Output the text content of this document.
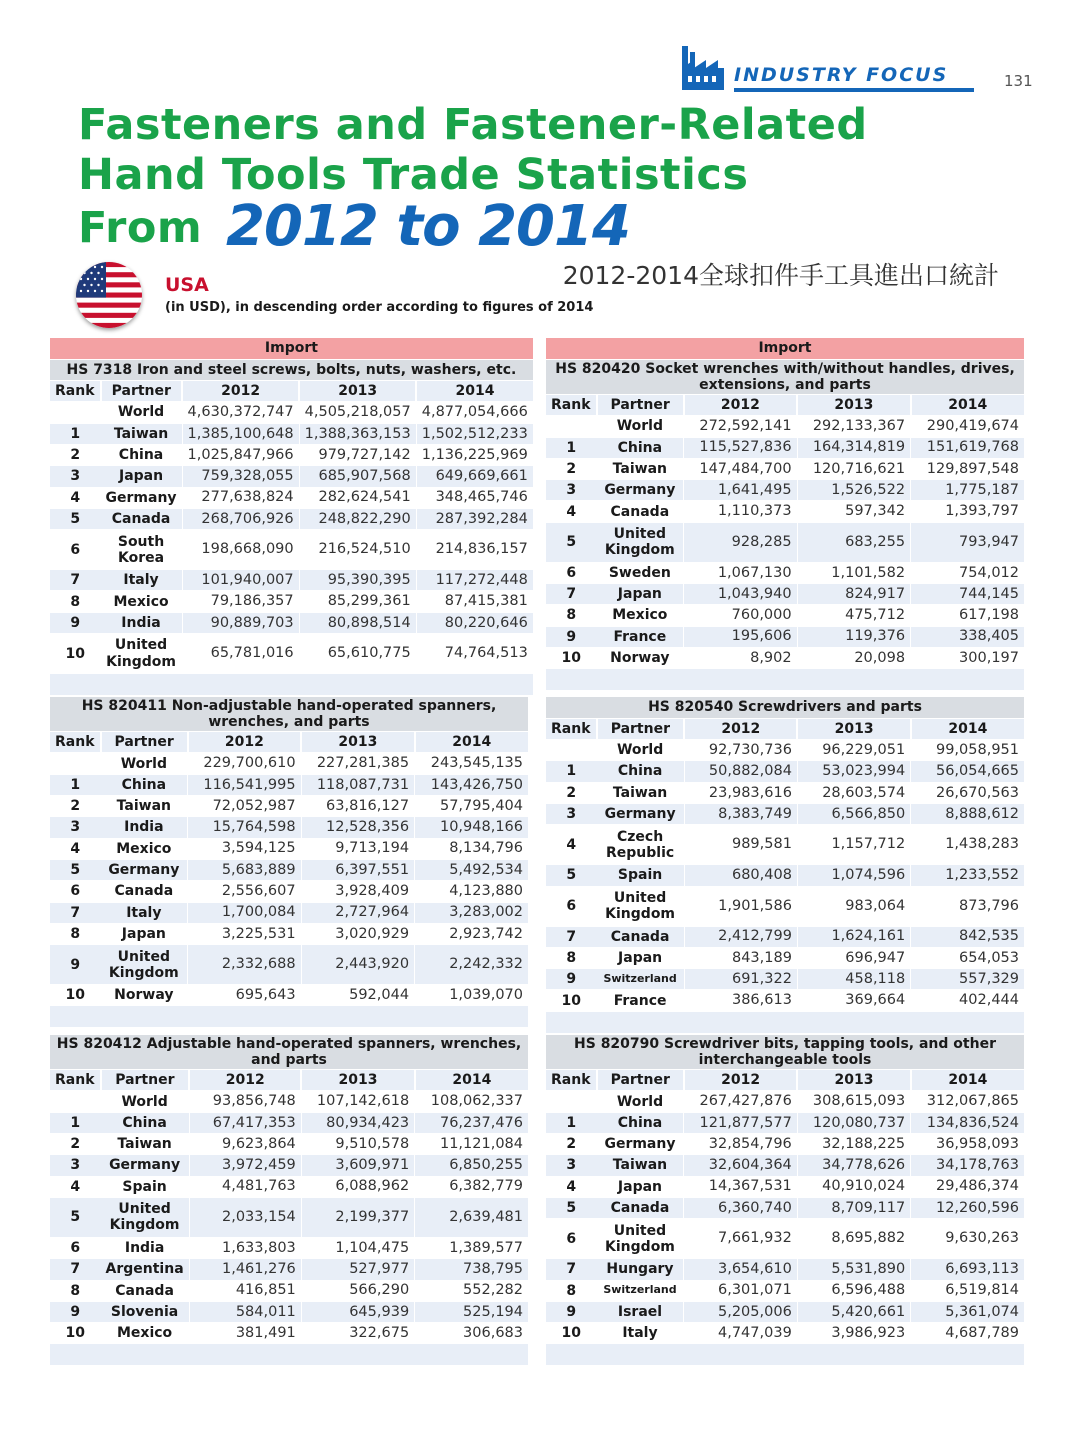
INDUSTRY FOCUS	131
Fasteners and Fastener-Related
Hand Tools Trade Statistics
From 2012 to 2014
2012-2014全球扣件手工具進出口統計
USA
(in USD), in descending order according to figures of 2014
Import				
HS 7318 Iron and steel screws, bolts, nuts, washers, etc.				
Rank	Partner	2012	2013	2014
	World	4,630,372,747	4,505,218,057	4,877,054,666
1	Taiwan	1,385,100,648	1,388,363,153	1,502,512,233
2	China	1,025,847,966	979,727,142	1,136,225,969
3	Japan	759,328,055	685,907,568	649,669,661
4	Germany	277,638,824	282,624,541	348,465,746
5	Canada	268,706,926	248,822,290	287,392,284
6	South Korea	198,668,090	216,524,510	214,836,157
7	Italy	101,940,007	95,390,395	117,272,448
8	Mexico	79,186,357	85,299,361	87,415,381
9	India	90,889,703	80,898,514	80,220,646
10	United Kingdom	65,781,016	65,610,775	74,764,513

Import				
HS 820420 Socket wrenches with/without handles, drives, extensions, and parts				
Rank	Partner	2012	2013	2014
	World	272,592,141	292,133,367	290,419,674
1	China	115,527,836	164,314,819	151,619,768
2	Taiwan	147,484,700	120,716,621	129,897,548
3	Germany	1,641,495	1,526,522	1,775,187
4	Canada	1,110,373	597,342	1,393,797
5	United Kingdom	928,285	683,255	793,947
6	Sweden	1,067,130	1,101,582	754,012
7	Japan	1,043,940	824,917	744,145
8	Mexico	760,000	475,712	617,198
9	France	195,606	119,376	338,405
10	Norway	8,902	20,098	300,197

HS 820411 Non-adjustable hand-operated spanners, wrenches, and parts				
Rank	Partner	2012	2013	2014
	World	229,700,610	227,281,385	243,545,135
1	China	116,541,995	118,087,731	143,426,750
2	Taiwan	72,052,987	63,816,127	57,795,404
3	India	15,764,598	12,528,356	10,948,166
4	Mexico	3,594,125	9,713,194	8,134,796
5	Germany	5,683,889	6,397,551	5,492,534
6	Canada	2,556,607	3,928,409	4,123,880
7	Italy	1,700,084	2,727,964	3,283,002
8	Japan	3,225,531	3,020,929	2,923,742
9	United Kingdom	2,332,688	2,443,920	2,242,332
10	Norway	695,643	592,044	1,039,070

HS 820540 Screwdrivers and parts				
Rank	Partner	2012	2013	2014
	World	92,730,736	96,229,051	99,058,951
1	China	50,882,084	53,023,994	56,054,665
2	Taiwan	23,983,616	28,603,574	26,670,563
3	Germany	8,383,749	6,566,850	8,888,612
4	Czech Republic	989,581	1,157,712	1,438,283
5	Spain	680,408	1,074,596	1,233,552
6	United Kingdom	1,901,586	983,064	873,796
7	Canada	2,412,799	1,624,161	842,535
8	Japan	843,189	696,947	654,053
9	Switzerland	691,322	458,118	557,329
10	France	386,613	369,664	402,444

HS 820412 Adjustable hand-operated spanners, wrenches, and parts				
Rank	Partner	2012	2013	2014
	World	93,856,748	107,142,618	108,062,337
1	China	67,417,353	80,934,423	76,237,476
2	Taiwan	9,623,864	9,510,578	11,121,084
3	Germany	3,972,459	3,609,971	6,850,255
4	Spain	4,481,763	6,088,962	6,382,779
5	United Kingdom	2,033,154	2,199,377	2,639,481
6	India	1,633,803	1,104,475	1,389,577
7	Argentina	1,461,276	527,977	738,795
8	Canada	416,851	566,290	552,282
9	Slovenia	584,011	645,939	525,194
10	Mexico	381,491	322,675	306,683

HS 820790 Screwdriver bits, tapping tools, and other interchangeable tools				
Rank	Partner	2012	2013	2014
	World	267,427,876	308,615,093	312,067,865
1	China	121,877,577	120,080,737	134,836,524
2	Germany	32,854,796	32,188,225	36,958,093
3	Taiwan	32,604,364	34,778,626	34,178,763
4	Japan	14,367,531	40,910,024	29,486,374
5	Canada	6,360,740	8,709,117	12,260,596
6	United Kingdom	7,661,932	8,695,882	9,630,263
7	Hungary	3,654,610	5,531,890	6,693,113
8	Switzerland	6,301,071	6,596,488	6,519,814
9	Israel	5,205,006	5,420,661	5,361,074
10	Italy	4,747,039	3,986,923	4,687,789
